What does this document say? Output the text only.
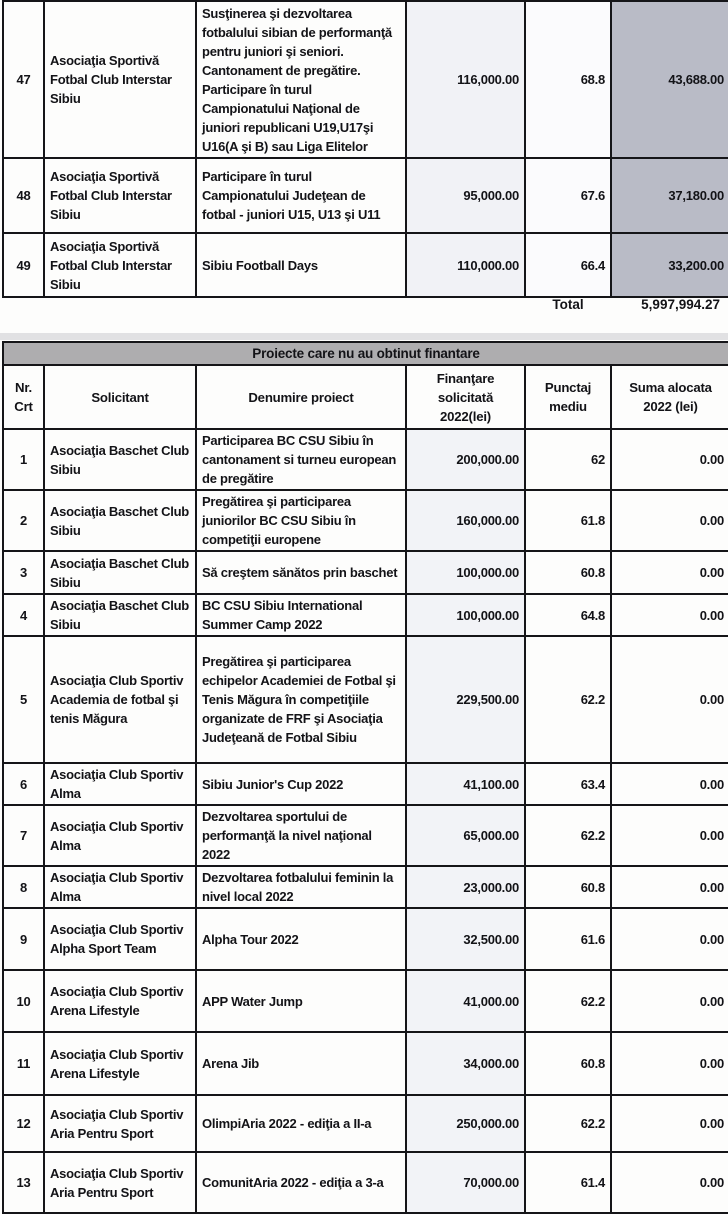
47	Asociaţia Sportivă Fotbal Club Interstar Sibiu	Susţinerea şi dezvoltarea fotbalului sibian de performanţă pentru juniori şi seniori. Cantonament de pregătire. Participare în turul Campionatului Naţional de juniori republicani U19,U17şi U16(A şi B) sau Liga Elitelor	116,000.00	68.8	43,688.00
48	Asociaţia Sportivă Fotbal Club Interstar Sibiu	Participare în turul Campionatului Judeţean de fotbal - juniori U15, U13 şi U11	95,000.00	67.6	37,180.00
49	Asociaţia Sportivă Fotbal Club Interstar Sibiu	Sibiu Football Days	110,000.00	66.4	33,200.00
Total	5,997,994.27
Proiecte care nu au obtinut finantare
Nr. Crt	Solicitant	Denumire proiect	Finanţare solicitată 2022(lei)	Punctaj mediu	Suma alocata 2022 (lei)
1	Asociaţia Baschet Club Sibiu	Participarea BC CSU Sibiu în cantonament si turneu european de pregătire	200,000.00	62	0.00
2	Asociaţia Baschet Club Sibiu	Pregătirea şi participarea juniorilor BC CSU Sibiu în competiţii europene	160,000.00	61.8	0.00
3	Asociaţia Baschet Club Sibiu	Să creştem sănătos prin baschet	100,000.00	60.8	0.00
4	Asociaţia Baschet Club Sibiu	BC CSU Sibiu International Summer Camp 2022	100,000.00	64.8	0.00
5	Asociaţia Club Sportiv Academia de fotbal şi tenis Măgura	Pregătirea şi participarea echipelor Academiei de Fotbal şi Tenis Măgura în competiţiile organizate de FRF şi Asociaţia Judeţeană de Fotbal Sibiu	229,500.00	62.2	0.00
6	Asociaţia Club Sportiv Alma	Sibiu Junior's Cup 2022	41,100.00	63.4	0.00
7	Asociaţia Club Sportiv Alma	Dezvoltarea sportului de performanţă la nivel naţional 2022	65,000.00	62.2	0.00
8	Asociaţia Club Sportiv Alma	Dezvoltarea fotbalului feminin la nivel local 2022	23,000.00	60.8	0.00
9	Asociaţia Club Sportiv Alpha Sport Team	Alpha Tour 2022	32,500.00	61.6	0.00
10	Asociaţia Club Sportiv Arena Lifestyle	APP Water Jump	41,000.00	62.2	0.00
11	Asociaţia Club Sportiv Arena Lifestyle	Arena Jib	34,000.00	60.8	0.00
12	Asociaţia Club Sportiv Aria Pentru Sport	OlimpiAria 2022 - ediţia a II-a	250,000.00	62.2	0.00
13	Asociaţia Club Sportiv Aria Pentru Sport	ComunitAria 2022 - ediţia a 3-a	70,000.00	61.4	0.00
